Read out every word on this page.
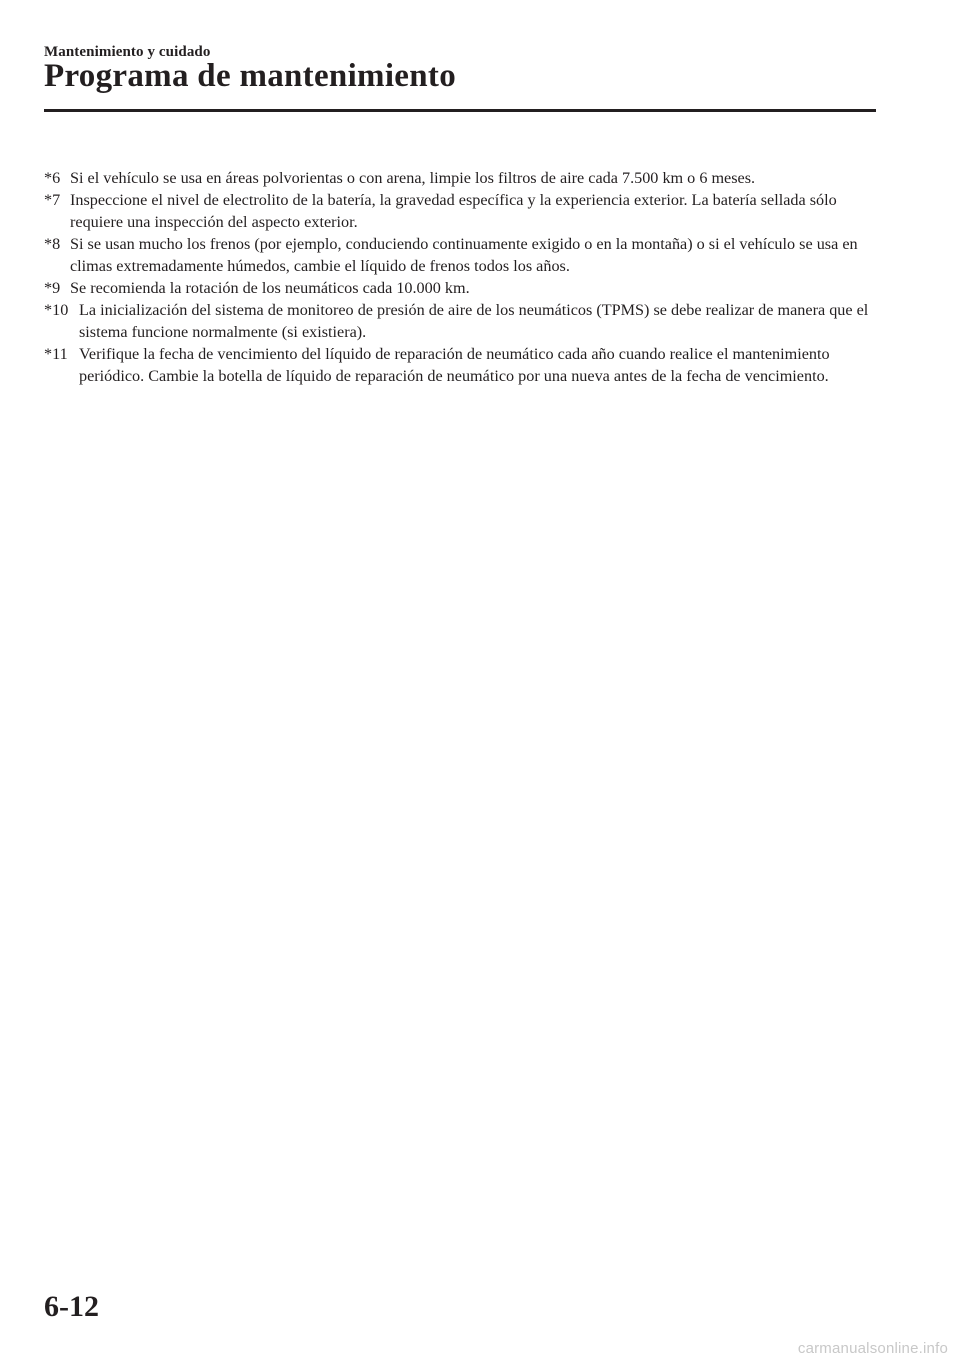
Mantenimiento y cuidado
Programa de mantenimiento
*6 Si el vehículo se usa en áreas polvorientas o con arena, limpie los filtros de aire cada 7.500 km o 6 meses.
*7 Inspeccione el nivel de electrolito de la batería, la gravedad específica y la experiencia exterior. La batería sellada sólo requiere una inspección del aspecto exterior.
*8 Si se usan mucho los frenos (por ejemplo, conduciendo continuamente exigido o en la montaña) o si el vehículo se usa en climas extremadamente húmedos, cambie el líquido de frenos todos los años.
*9 Se recomienda la rotación de los neumáticos cada 10.000 km.
*10 La inicialización del sistema de monitoreo de presión de aire de los neumáticos (TPMS) se debe realizar de manera que el sistema funcione normalmente (si existiera).
*11 Verifique la fecha de vencimiento del líquido de reparación de neumático cada año cuando realice el mantenimiento periódico. Cambie la botella de líquido de reparación de neumático por una nueva antes de la fecha de vencimiento.
6-12
carmanualsonline.info
